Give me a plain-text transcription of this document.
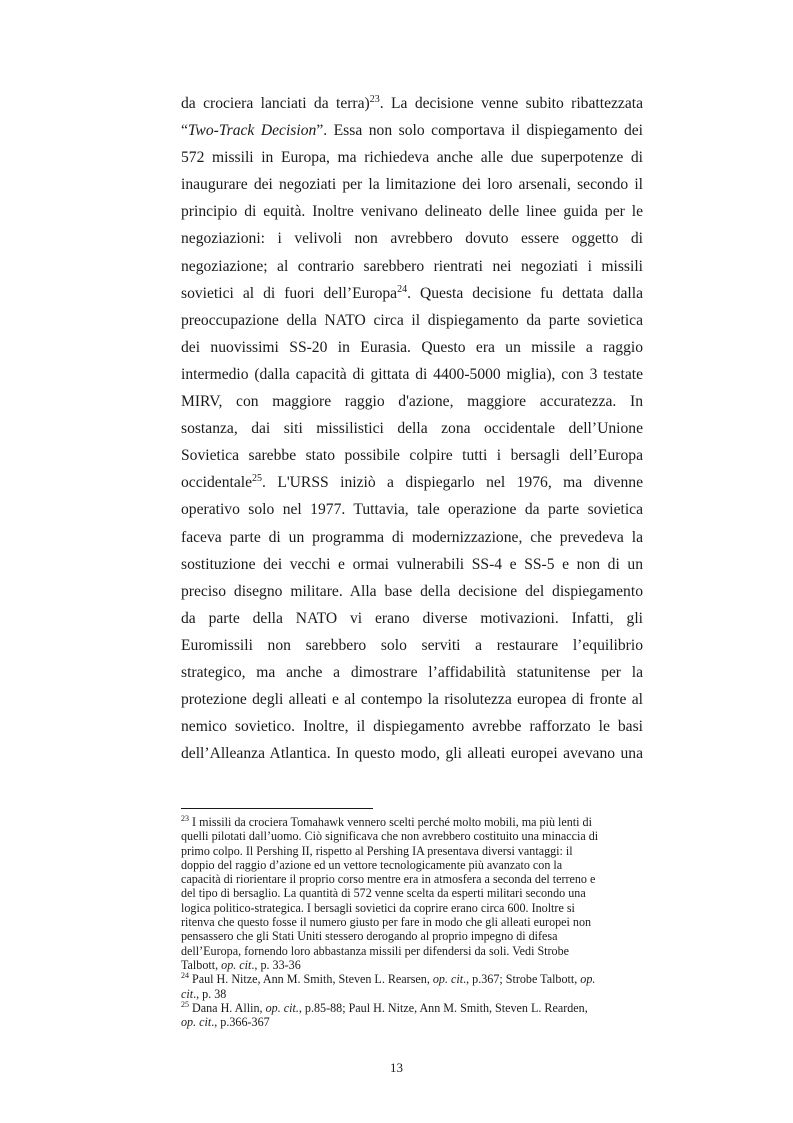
da crociera lanciati da terra)$^{23}$. La decisione venne subito ribattezzata
“Two-Track Decision”. Essa non solo comportava il dispiegamento dei
572 missili in Europa, ma richiedeva anche alle due superpotenze di
inaugurare dei negoziati per la limitazione dei loro arsenali, secondo il
principio di equità. Inoltre venivano delineato delle linee guida per le
negoziazioni: i velivoli non avrebbero dovuto essere oggetto di
negoziazione; al contrario sarebbero rientrati nei negoziati i missili
sovietici al di fuori dell’Europa$^{24}$. Questa decisione fu dettata dalla
preoccupazione della NATO circa il dispiegamento da parte sovietica
dei nuovissimi SS-20 in Eurasia. Questo era un missile a raggio
intermedio (dalla capacità di gittata di 4400-5000 miglia), con 3 testate
MIRV, con maggiore raggio d'azione, maggiore accuratezza. In
sostanza, dai siti missilistici della zona occidentale dell’Unione
Sovietica sarebbe stato possibile colpire tutti i bersagli dell’Europa
occidentale$^{25}$. L'URSS iniziò a dispiegarlo nel 1976, ma divenne
operativo solo nel 1977. Tuttavia, tale operazione da parte sovietica
faceva parte di un programma di modernizzazione, che prevedeva la
sostituzione dei vecchi e ormai vulnerabili SS-4 e SS-5 e non di un
preciso disegno militare. Alla base della decisione del dispiegamento
da parte della NATO vi erano diverse motivazioni. Infatti, gli
Euromissili non sarebbero solo serviti a restaurare l’equilibrio
strategico, ma anche a dimostrare l’affidabilità statunitense per la
protezione degli alleati e al contempo la risolutezza europea di fronte al
nemico sovietico. Inoltre, il dispiegamento avrebbe rafforzato le basi
dell’Alleanza Atlantica. In questo modo, gli alleati europei avevano una
$^{23}$ I missili da crociera Tomahawk vennero scelti perché molto mobili, ma più lenti di
quelli pilotati dall’uomo. Ciò significava che non avrebbero costituito una minaccia di
primo colpo. Il Pershing II, rispetto al Pershing IA presentava diversi vantaggi: il
doppio del raggio d’azione ed un vettore tecnologicamente più avanzato con la
capacità di riorientare il proprio corso mentre era in atmosfera a seconda del terreno e
del tipo di bersaglio. La quantità di 572 venne scelta da esperti militari secondo una
logica politico-strategica. I bersagli sovietici da coprire erano circa 600. Inoltre si
ritenva che questo fosse il numero giusto per fare in modo che gli alleati europei non
pensassero che gli Stati Uniti stessero derogando al proprio impegno di difesa
dell’Europa, fornendo loro abbastanza missili per difendersi da soli. Vedi Strobe
Talbott, op. cit., p. 33-36
$^{24}$ Paul H. Nitze, Ann M. Smith, Steven L. Rearsen, op. cit., p.367; Strobe Talbott, op.
cit., p. 38
$^{25}$ Dana H. Allin, op. cit., p.85-88; Paul H. Nitze, Ann M. Smith, Steven L. Rearden,
op. cit., p.366-367
13
